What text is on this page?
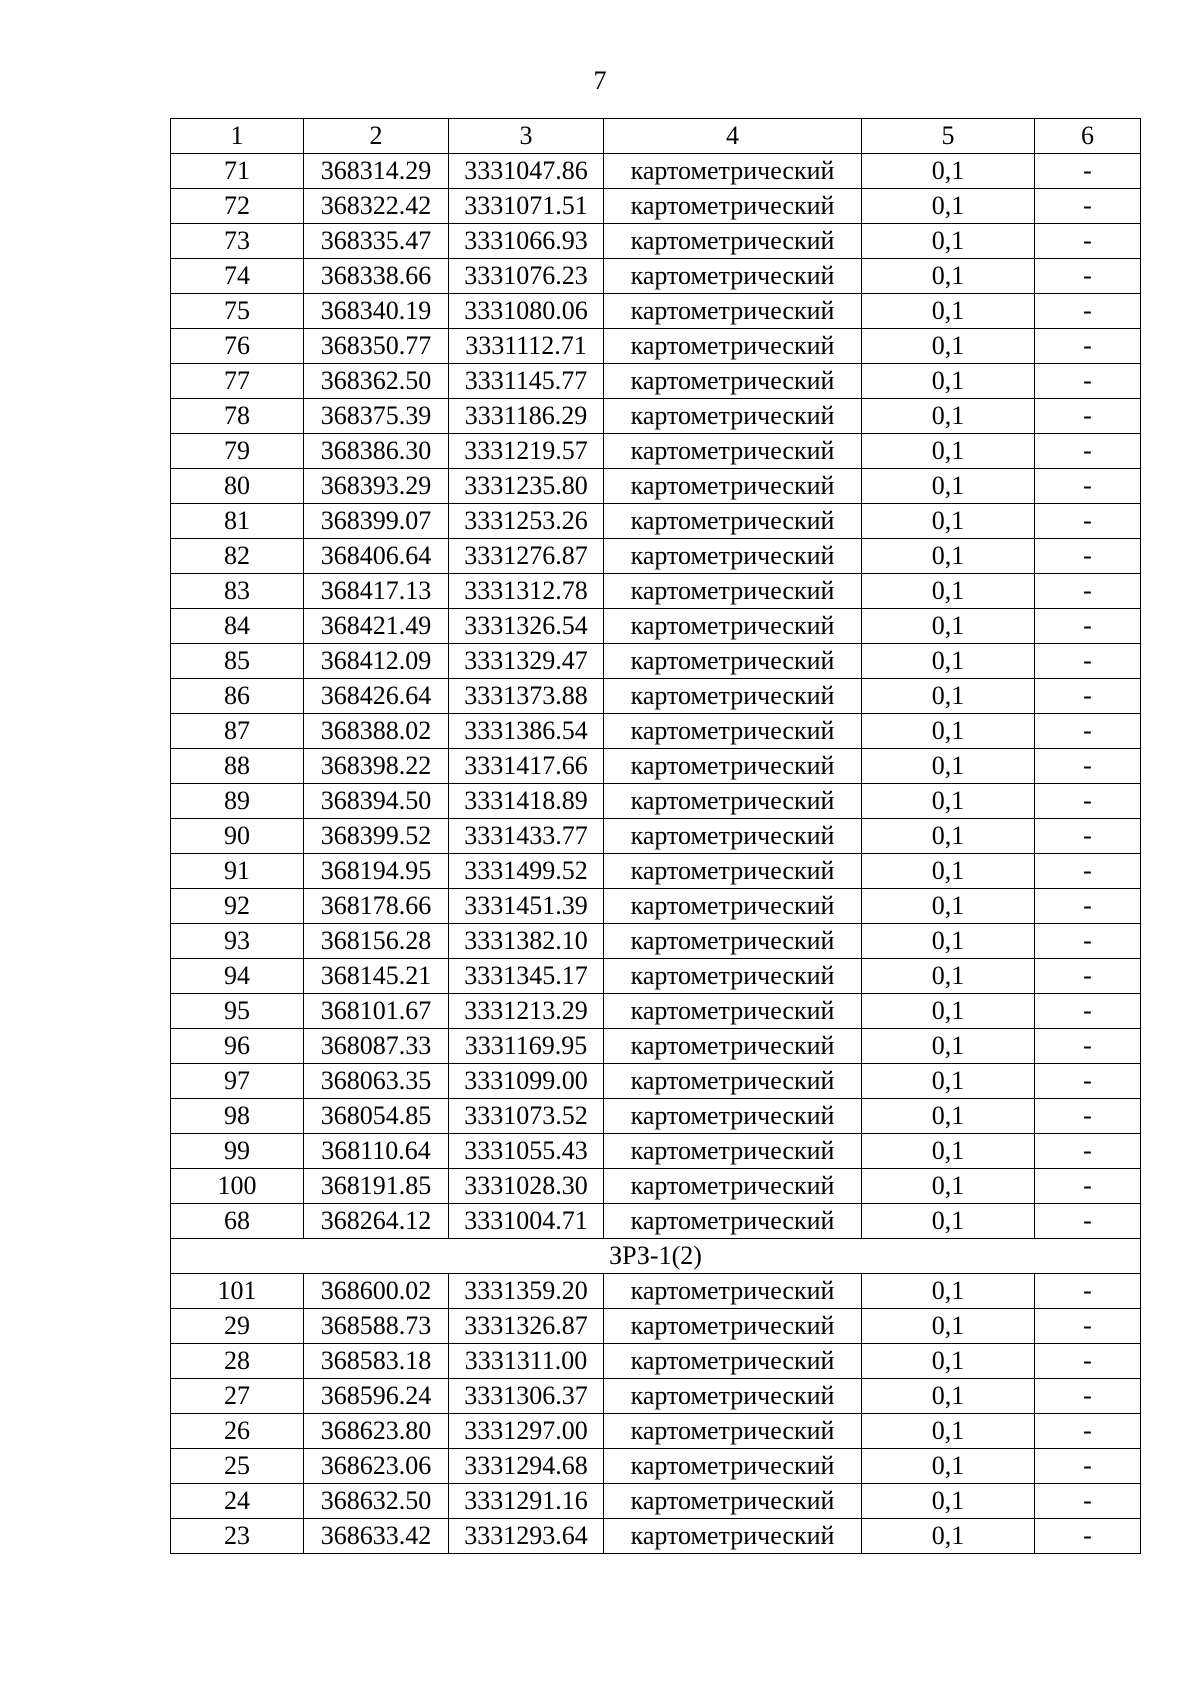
7
1	2	3	4	5	6
71	368314.29	3331047.86	картометрический	0,1	-
72	368322.42	3331071.51	картометрический	0,1	-
73	368335.47	3331066.93	картометрический	0,1	-
74	368338.66	3331076.23	картометрический	0,1	-
75	368340.19	3331080.06	картометрический	0,1	-
76	368350.77	3331112.71	картометрический	0,1	-
77	368362.50	3331145.77	картометрический	0,1	-
78	368375.39	3331186.29	картометрический	0,1	-
79	368386.30	3331219.57	картометрический	0,1	-
80	368393.29	3331235.80	картометрический	0,1	-
81	368399.07	3331253.26	картометрический	0,1	-
82	368406.64	3331276.87	картометрический	0,1	-
83	368417.13	3331312.78	картометрический	0,1	-
84	368421.49	3331326.54	картометрический	0,1	-
85	368412.09	3331329.47	картометрический	0,1	-
86	368426.64	3331373.88	картометрический	0,1	-
87	368388.02	3331386.54	картометрический	0,1	-
88	368398.22	3331417.66	картометрический	0,1	-
89	368394.50	3331418.89	картометрический	0,1	-
90	368399.52	3331433.77	картометрический	0,1	-
91	368194.95	3331499.52	картометрический	0,1	-
92	368178.66	3331451.39	картометрический	0,1	-
93	368156.28	3331382.10	картометрический	0,1	-
94	368145.21	3331345.17	картометрический	0,1	-
95	368101.67	3331213.29	картометрический	0,1	-
96	368087.33	3331169.95	картометрический	0,1	-
97	368063.35	3331099.00	картометрический	0,1	-
98	368054.85	3331073.52	картометрический	0,1	-
99	368110.64	3331055.43	картометрический	0,1	-
100	368191.85	3331028.30	картометрический	0,1	-
68	368264.12	3331004.71	картометрический	0,1	-
ЗРЗ-1(2)					
101	368600.02	3331359.20	картометрический	0,1	-
29	368588.73	3331326.87	картометрический	0,1	-
28	368583.18	3331311.00	картометрический	0,1	-
27	368596.24	3331306.37	картометрический	0,1	-
26	368623.80	3331297.00	картометрический	0,1	-
25	368623.06	3331294.68	картометрический	0,1	-
24	368632.50	3331291.16	картометрический	0,1	-
23	368633.42	3331293.64	картометрический	0,1	-
